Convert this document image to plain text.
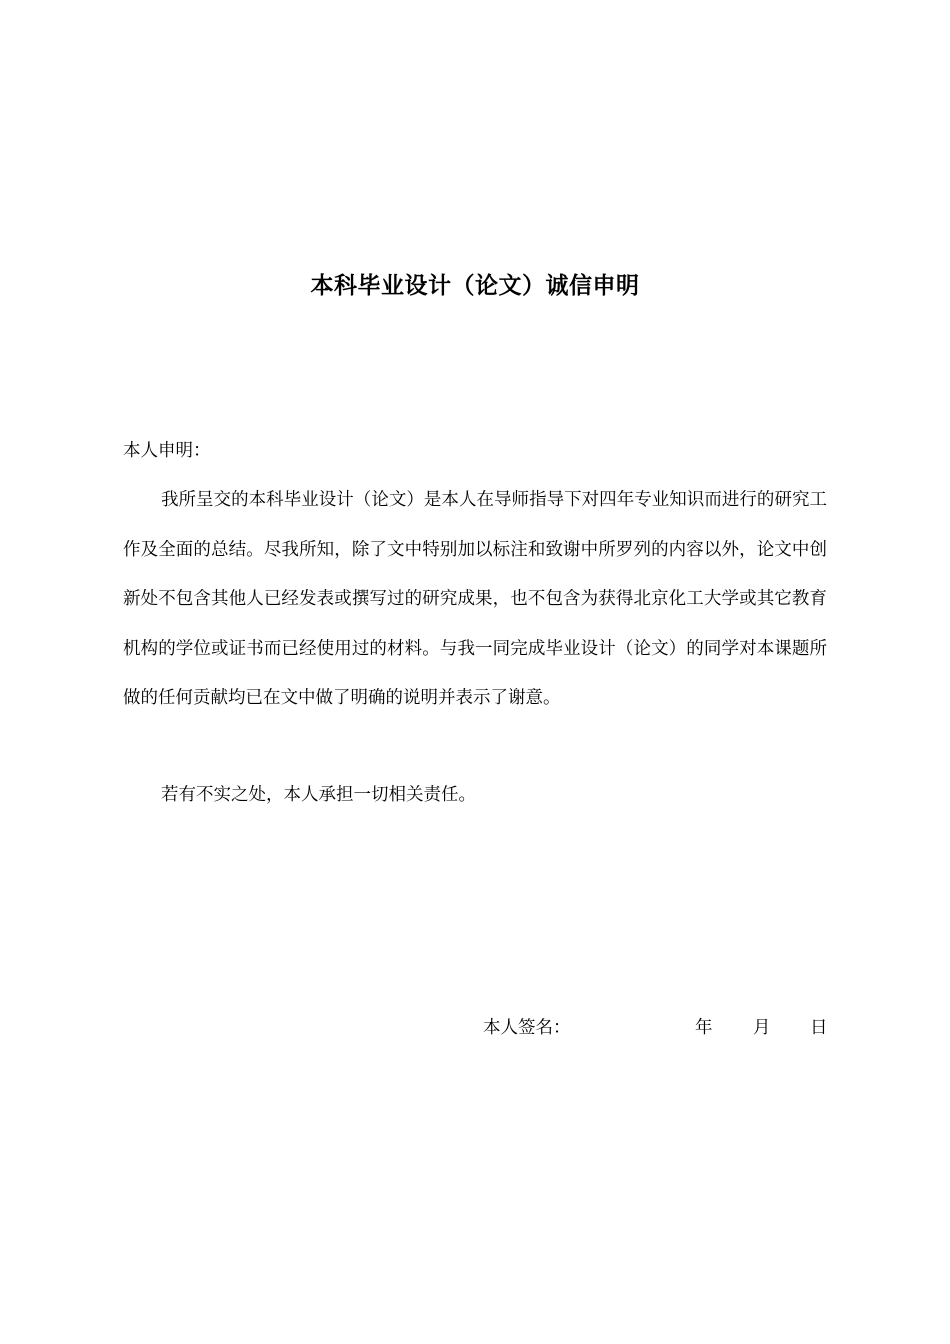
本科毕业设计（论文）诚信申明

本人申明：

我所呈交的本科毕业设计（论文）是本人在导师指导下对四年专业知识而进行的研究工作及全面的总结。尽我所知，除了文中特别加以标注和致谢中所罗列的内容以外，论文中创新处不包含其他人已经发表或撰写过的研究成果，也不包含为获得北京化工大学或其它教育机构的学位或证书而已经使用过的材料。与我一同完成毕业设计（论文）的同学对本课题所做的任何贡献均已在文中做了明确的说明并表示了谢意。

若有不实之处，本人承担一切相关责任。

本人签名：	年 月 日
